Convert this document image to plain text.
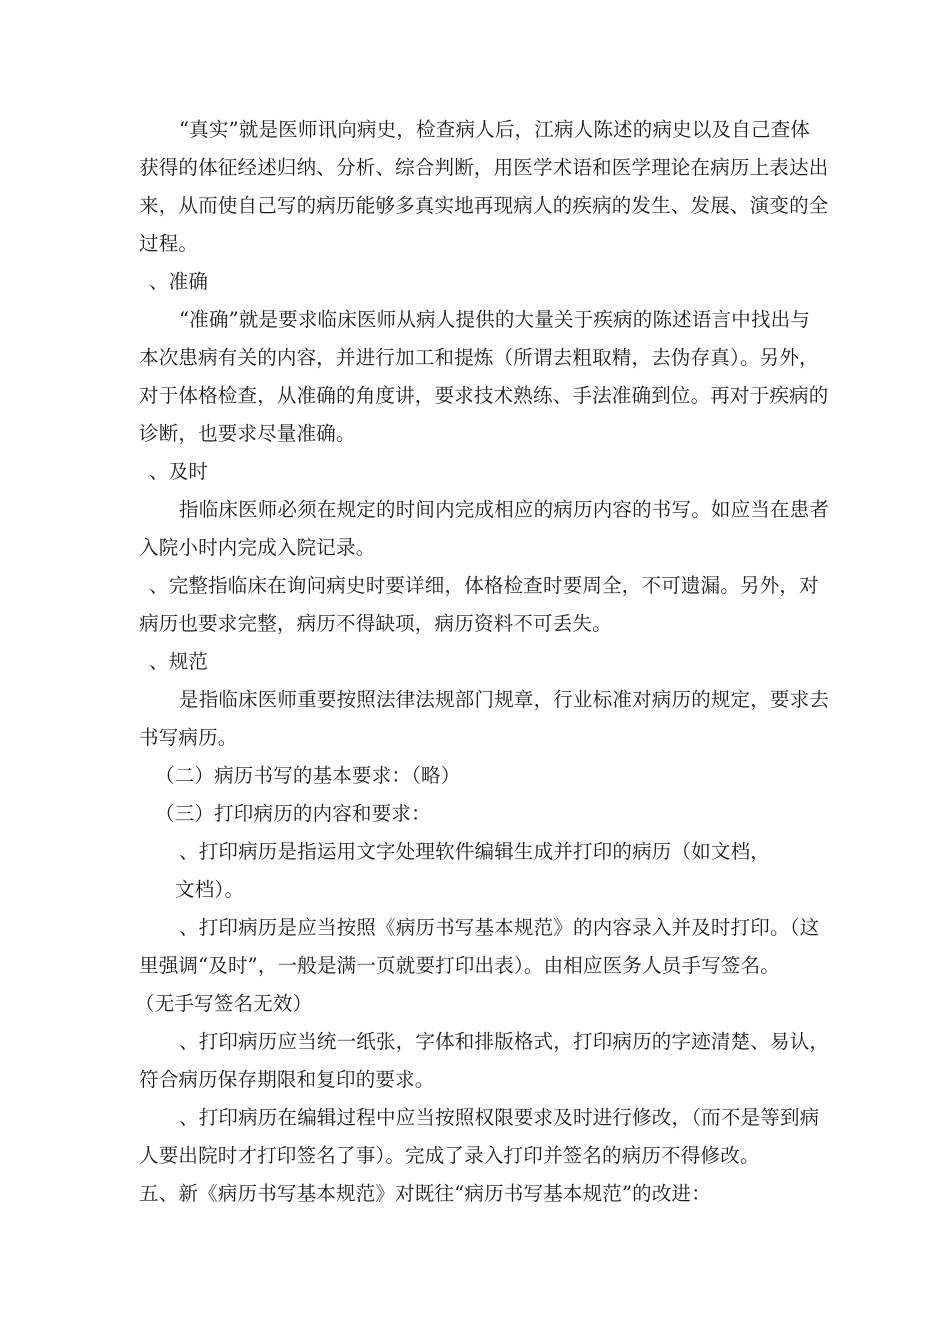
“真实”就是医师讯向病史，检查病人后，江病人陈述的病史以及自己查体
获得的体征经述归纳、分析、综合判断，用医学术语和医学理论在病历上表达出
来，从而使自己写的病历能够多真实地再现病人的疾病的发生、发展、演变的全
过程。
、准确
“准确”就是要求临床医师从病人提供的大量关于疾病的陈述语言中找出与
本次患病有关的内容，并进行加工和提炼（所谓去粗取精，去伪存真）。另外，
对于体格检查，从准确的角度讲，要求技术熟练、手法准确到位。再对于疾病的
诊断，也要求尽量准确。
、及时
指临床医师必须在规定的时间内完成相应的病历内容的书写。如应当在患者
入院小时内完成入院记录。
、完整指临床在询问病史时要详细，体格检查时要周全，不可遗漏。另外，对
病历也要求完整，病历不得缺项，病历资料不可丢失。
、规范
是指临床医师重要按照法律法规部门规章，行业标准对病历的规定，要求去
书写病历。
（二）病历书写的基本要求：（略）
（三）打印病历的内容和要求：
、打印病历是指运用文字处理软件编辑生成并打印的病历（如文档，
文档）。
、打印病历是应当按照《病历书写基本规范》的内容录入并及时打印。（这
里强调“及时”，一般是满一页就要打印出表）。由相应医务人员手写签名。
（无手写签名无效）
、打印病历应当统一纸张，字体和排版格式，打印病历的字迹清楚、易认，
符合病历保存期限和复印的要求。
、打印病历在编辑过程中应当按照权限要求及时进行修改，（而不是等到病
人要出院时才打印签名了事）。完成了录入打印并签名的病历不得修改。
五、新《病历书写基本规范》对既往“病历书写基本规范”的改进：
